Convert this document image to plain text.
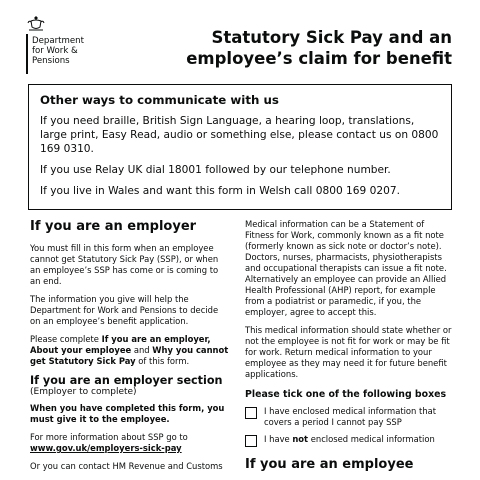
Department
for Work &
Pensions
Statutory Sick Pay and an
employee’s claim for benefit
Other ways to communicate with us

If you need braille, British Sign Language, a hearing loop, translations, large print, Easy Read, audio or something else, please contact us on 0800 169 0310.

If you use Relay UK dial 18001 followed by our telephone number.

If you live in Wales and want this form in Welsh call 0800 169 0207.

If you are an employer

You must fill in this form when an employee cannot get Statutory Sick Pay (SSP), or when an employee’s SSP has come or is coming to an end.

The information you give will help the Department for Work and Pensions to decide on an employee’s benefit application.

Please complete If you are an employer, About your employee and Why you cannot get Statutory Sick Pay of this form.

If you are an employer section
(Employer to complete)

When you have completed this form, you must give it to the employee.

For more information about SSP go to

www.gov.uk/employers-sick-pay

Or you can contact HM Revenue and Customs

Medical information can be a Statement of Fitness for Work, commonly known as a fit note (formerly known as sick note or doctor’s note). Doctors, nurses, pharmacists, physiotherapists and occupational therapists can issue a fit note. Alternatively an employee can provide an Allied Health Professional (AHP) report, for example from a podiatrist or paramedic, if you, the employer, agree to accept this.

This medical information should state whether or not the employee is not fit for work or may be fit for work. Return medical information to your employee as they may need it for future benefit applications.

Please tick one of the following boxes
I have enclosed medical information that covers a period I cannot pay SSP
I have not enclosed medical information
If you are an employee
